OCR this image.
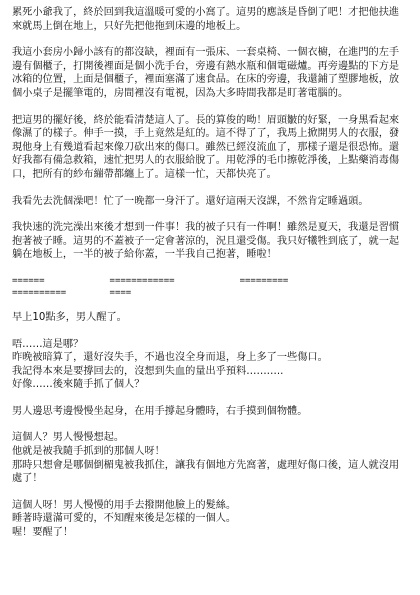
累死小爺我了，終於回到我這溫暖可愛的小窩了。這男的應該是昏倒了吧！才把他扶進來就馬上倒在地上，只好先把他拖到床邊的地板上。

我這小套房小歸小該有的都沒缺，裡面有一張床、一套桌椅、一個衣櫥，在進門的左手邊有個櫃子，打開後裡面是個小洗手台，旁邊有熱水瓶和個電磁爐。再旁邊點的下方是冰箱的位置，上面是個櫃子，裡面塞滿了速食品。在床的旁邊，我還鋪了塑膠地板，放個小桌子是擺筆電的，房間裡沒有電視，因為大多時間我都是盯著電腦的。

把這男的擺好後，終於能看清楚這人了。長的算俊的呦！眉頭皺的好緊，一身黑看起來像濕了的樣子。伸手一摸，手上竟然是紅的。這不得了了，我馬上掀開男人的衣服，發現他身上有幾道看起來像刀砍出來的傷口。雖然已經沒流血了，那樣子還是很恐怖。還好我都有備急救箱，速忙把男人的衣服給脫了。用乾淨的毛巾擦乾淨後，上點藥消毒傷口，把所有的紗布繃帶都纏上了。這樣一忙，天都快亮了。

我看先去洗個澡吧！忙了一晚都一身汗了。還好這兩天沒課，不然肯定睡過頭。

我快速的洗完澡出來後才想到一件事！我的被子只有一件啊！雖然是夏天，我還是習慣抱著被子睡。這男的不蓋被子一定會著涼的，況且還受傷。我只好犧牲到底了，就一起躺在地板上，一半的被子給你蓋，一半我自己抱著，睡啦！

======            ============            =========
==========        ====

早上10點多，男人醒了。

唔……這是哪？

昨晚被暗算了，還好沒失手，不過也沒全身而退，身上多了一些傷口。

我記得本來是要撐回去的，沒想到失血的量出乎預料………..

好像……後來隨手抓了個人？

男人邊思考邊慢慢坐起身，在用手撐起身體時，右手摸到個物體。

這個人？男人慢慢想起。

他就是被我隨手抓到的那個人呀！

那時只想會是哪個倒楣鬼被我抓住，讓我有個地方先窩著，處理好傷口後，這人就沒用處了！

這個人呀！男人慢慢的用手去撥開他臉上的髮絲。

睡著時還滿可愛的，不知醒來後是怎樣的一個人。

喔！要醒了！
